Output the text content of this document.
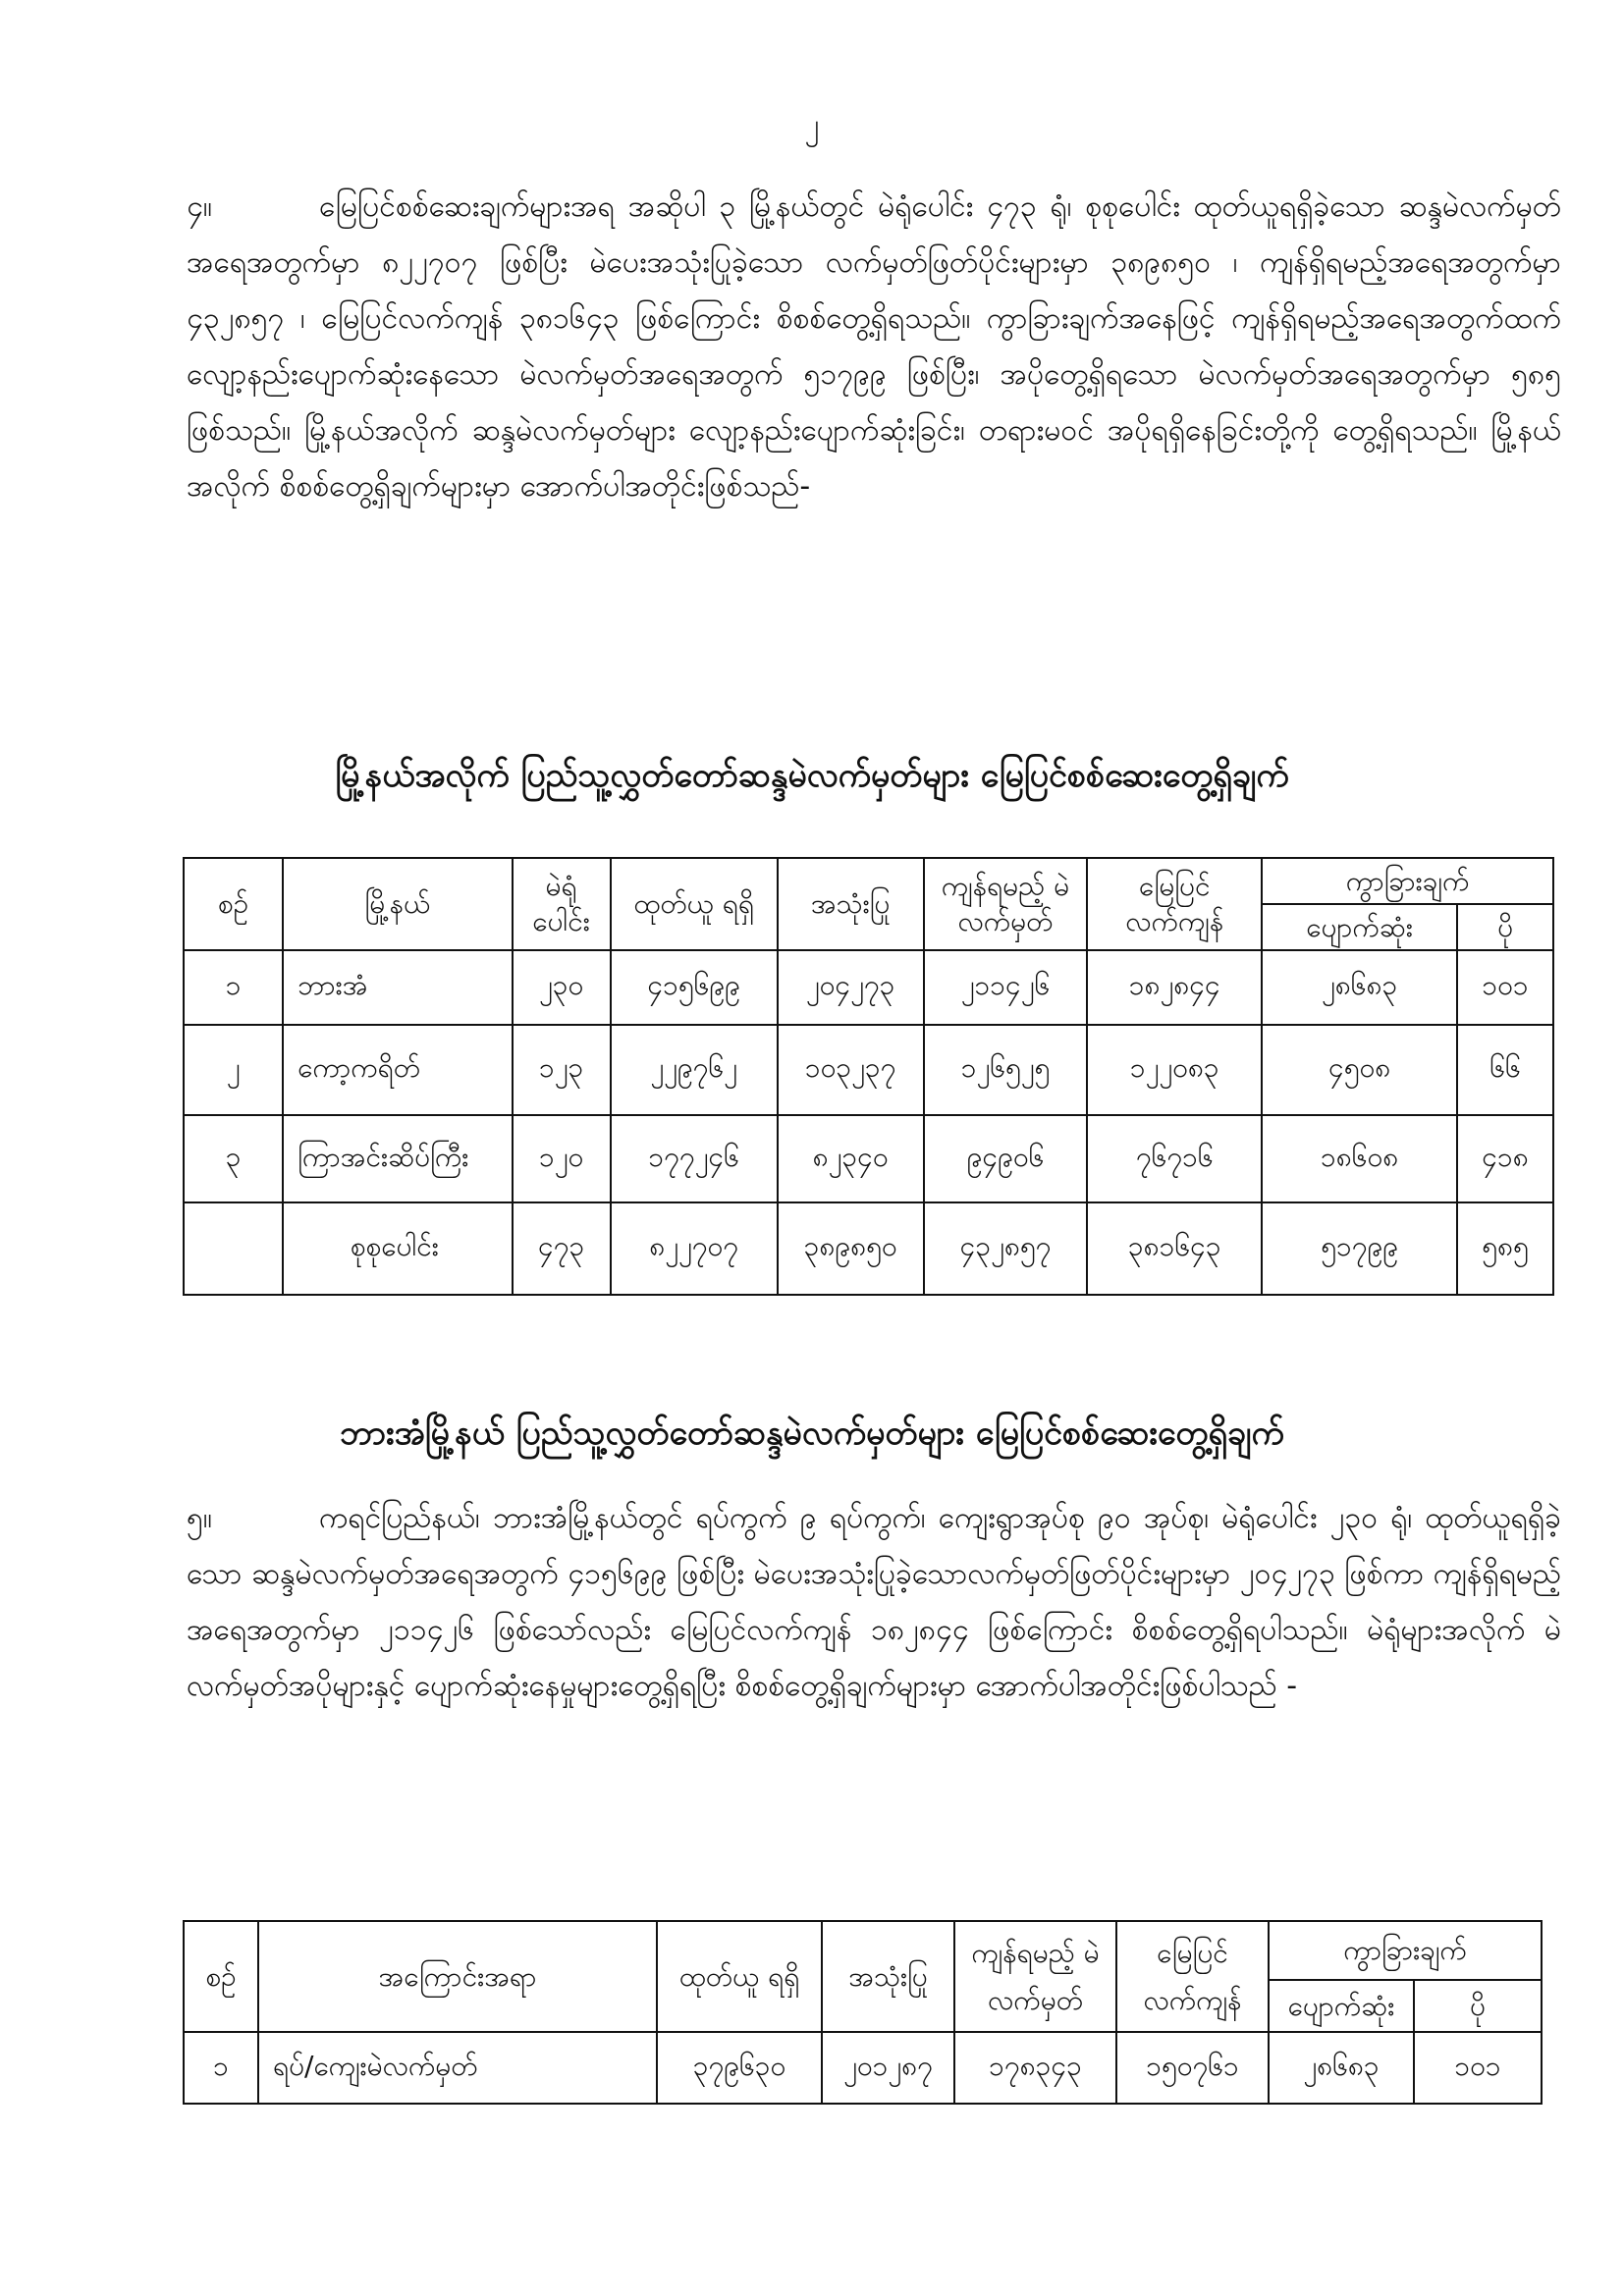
၂

၄။	မြေပြင်စစ်ဆေးချက်များအရ အဆိုပါ ၃ မြို့နယ်တွင် မဲရုံပေါင်း ၄၇၃ ရုံ၊ စုစုပေါင်း ထုတ်ယူရရှိခဲ့သော ဆန္ဒမဲလက်မှတ်အရေအတွက်မှာ ၈၂၂၇၀၇ ဖြစ်ပြီး မဲပေးအသုံးပြုခဲ့သော လက်မှတ်ဖြတ်ပိုင်းများမှာ ၃၈၉၈၅၀ ၊ ကျန်ရှိရမည့်အရေအတွက်မှာ ၄၃၂၈၅၇ ၊ မြေပြင်လက်ကျန် ၃၈၁၆၄၃ ဖြစ်ကြောင်း စိစစ်တွေ့ရှိရသည်။ ကွာခြားချက်အနေဖြင့် ကျန်ရှိရမည့်အရေအတွက်ထက် လျော့နည်းပျောက်ဆုံးနေသော မဲလက်မှတ်အရေအတွက် ၅၁၇၉၉ ဖြစ်ပြီး၊ အပိုတွေ့ရှိရသော မဲလက်မှတ်အရေအတွက်မှာ ၅၈၅ ဖြစ်သည်။ မြို့နယ်အလိုက် ဆန္ဒမဲလက်မှတ်များ လျော့နည်းပျောက်ဆုံးခြင်း၊ တရားမဝင် အပိုရရှိနေခြင်းတို့ကို တွေ့ရှိရသည်။ မြို့နယ်အလိုက် စိစစ်တွေ့ရှိချက်များမှာ အောက်ပါအတိုင်းဖြစ်သည်-

မြို့နယ်အလိုက် ပြည်သူ့လွှတ်တော်ဆန္ဒမဲလက်မှတ်များ မြေပြင်စစ်ဆေးတွေ့ရှိချက်
စဉ်	မြို့နယ်	မဲရုံ ပေါင်း	ထုတ်ယူ ရရှိ	အသုံးပြု	ကျန်ရမည့် မဲလက်မှတ်	မြေပြင် လက်ကျန်	ကွာခြားချက်	
							ပျောက်ဆုံး	ပို
၁	ဘားအံ	၂၃၀	၄၁၅၆၉၉	၂၀၄၂၇၃	၂၁၁၄၂၆	၁၈၂၈၄၄	၂၈၆၈၃	၁၀၁
၂	ကော့ကရိတ်	၁၂၃	၂၂၉၇၆၂	၁၀၃၂၃၇	၁၂၆၅၂၅	၁၂၂၀၈၃	၄၅၀၈	၆၆
၃	ကြာအင်းဆိပ်ကြီး	၁၂၀	၁၇၇၂၄၆	၈၂၃၄၀	၉၄၉၀၆	၇၆၇၁၆	၁၈၆၀၈	၄၁၈
	စုစုပေါင်း	၄၇၃	၈၂၂၇၀၇	၃၈၉၈၅၀	၄၃၂၈၅၇	၃၈၁၆၄၃	၅၁၇၉၉	၅၈၅
ဘားအံမြို့နယ် ပြည်သူ့လွှတ်တော်ဆန္ဒမဲလက်မှတ်များ မြေပြင်စစ်ဆေးတွေ့ရှိချက်

၅။	ကရင်ပြည်နယ်၊ ဘားအံမြို့နယ်တွင် ရပ်ကွက် ၉ ရပ်ကွက်၊ ကျေးရွာအုပ်စု ၉၀ အုပ်စု၊ မဲရုံပေါင်း ၂၃၀ ရုံ၊ ထုတ်ယူရရှိခဲ့သော ဆန္ဒမဲလက်မှတ်အရေအတွက် ၄၁၅၆၉၉ ဖြစ်ပြီး မဲပေးအသုံးပြုခဲ့သောလက်မှတ်ဖြတ်ပိုင်းများမှာ ၂၀၄၂၇၃ ဖြစ်ကာ ကျန်ရှိရမည့် အရေအတွက်မှာ ၂၁၁၄၂၆ ဖြစ်သော်လည်း မြေပြင်လက်ကျန် ၁၈၂၈၄၄ ဖြစ်ကြောင်း စိစစ်တွေ့ရှိရပါသည်။ မဲရုံများအလိုက် မဲလက်မှတ်အပိုများနှင့် ပျောက်ဆုံးနေမှုများတွေ့ရှိရပြီး စိစစ်တွေ့ရှိချက်များမှာ အောက်ပါအတိုင်းဖြစ်ပါသည် -

စဉ်	အကြောင်းအရာ	ထုတ်ယူ ရရှိ	အသုံးပြု	ကျန်ရမည့် မဲလက်မှတ်	မြေပြင် လက်ကျန်	ကွာခြားချက်	
						ပျောက်ဆုံး	ပို
၁	ရပ်/ကျေးမဲလက်မှတ်	၃၇၉၆၃၀	၂၀၁၂၈၇	၁၇၈၃၄၃	၁၅၀၇၆၁	၂၈၆၈၃	၁၀၁
